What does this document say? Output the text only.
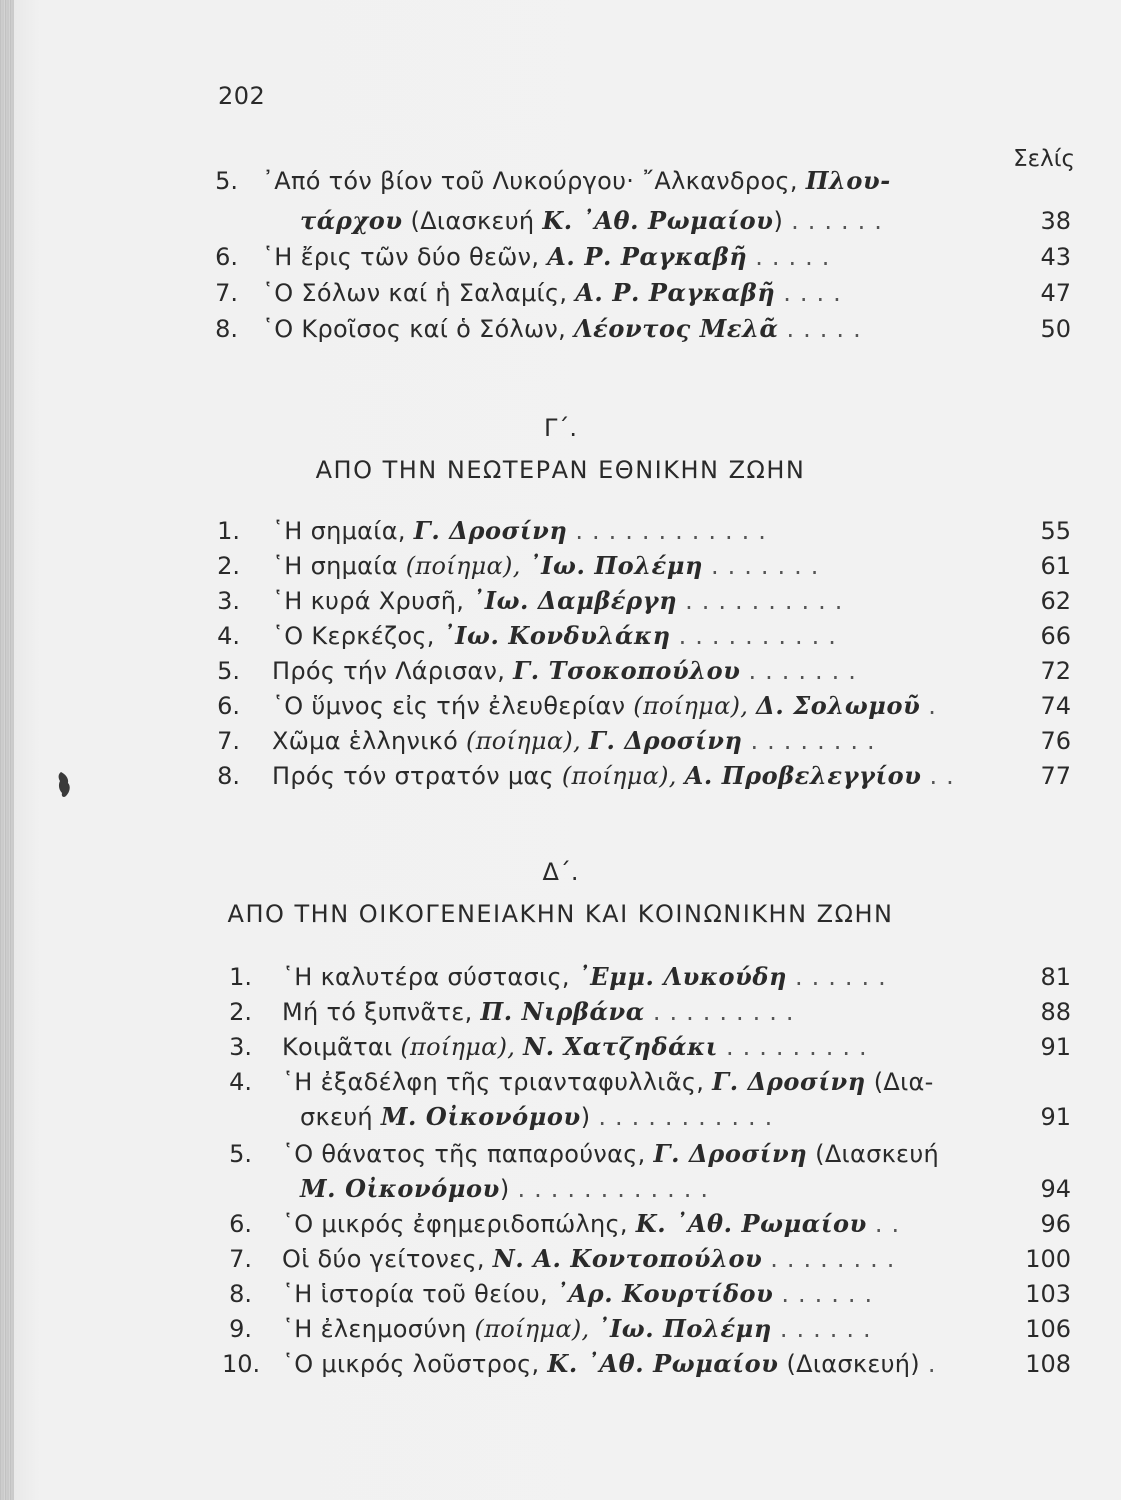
202
Σελίς
5. ᾽Από τόν βίον τοῦ Λυκούργου· ῎Αλκανδρος, Πλου-
τάρχου (Διασκευή Κ. ᾽Αθ. Ρωμαίου) ......	38
6. ῾Η ἔρις τῶν δύο θεῶν, Α. Ρ. Ραγκαβῆ .....	43
7. ῾Ο Σόλων καί ἡ Σαλαμίς, Α. Ρ. Ραγκαβῆ ....	47
8. ῾Ο Κροῖσος καί ὁ Σόλων, Λέοντος Μελᾶ .....	50
Γ΄.
ΑΠΟ ΤΗΝ ΝΕΩΤΕΡΑΝ ΕΘΝΙΚΗΝ ΖΩΗΝ
1. ῾Η σημαία, Γ. Δροσίνη ............	55
2. ῾Η σημαία (ποίημα), ᾽Ιω. Πολέμη .......	61
3. ῾Η κυρά Χρυσῆ, ᾽Ιω. Δαμβέργη ..........	62
4. ῾Ο Κερκέζος, ᾽Ιω. Κονδυλάκη ..........	66
5. Πρός τήν Λάρισαν, Γ. Τσοκοπούλου .......	72
6. ῾Ο ὕμνος εἰς τήν ἐλευθερίαν (ποίημα), Δ. Σολωμοῦ .	74
7. Χῶμα ἑλληνικό (ποίημα), Γ. Δροσίνη ........	76
8. Πρός τόν στρατόν μας (ποίημα), Α. Προβελεγγίου ..	77
Δ΄.
ΑΠΟ ΤΗΝ ΟΙΚΟΓΕΝΕΙΑΚΗΝ ΚΑΙ ΚΟΙΝΩΝΙΚΗΝ ΖΩΗΝ
1. ῾Η καλυτέρα σύστασις, ᾽Εμμ. Λυκούδη ......	81
2. Μή τό ξυπνᾶτε, Π. Νιρβάνα .........	88
3. Κοιμᾶται (ποίημα), Ν. Χατζηδάκι .........	91
4. ῾Η ἐξαδέλφη τῆς τριανταφυλλιᾶς, Γ. Δροσίνη (Δια-
σκευή Μ. Οἰκονόμου) ...........	91
5. ῾Ο θάνατος τῆς παπαρούνας, Γ. Δροσίνη (Διασκευή
Μ. Οἰκονόμου) ............	94
6. ῾Ο μικρός ἐφημεριδοπώλης, Κ. ᾽Αθ. Ρωμαίου ..	96
7. Οἱ δύο γείτονες, Ν. Α. Κοντοπούλου ........	100
8. ῾Η ἱστορία τοῦ θείου, ᾽Αρ. Κουρτίδου ......	103
9. ῾Η ἐλεημοσύνη (ποίημα), ᾽Ιω. Πολέμη ......	106
10. ῾Ο μικρός λοῦστρος, Κ. ᾽Αθ. Ρωμαίου (Διασκευή) .	108
